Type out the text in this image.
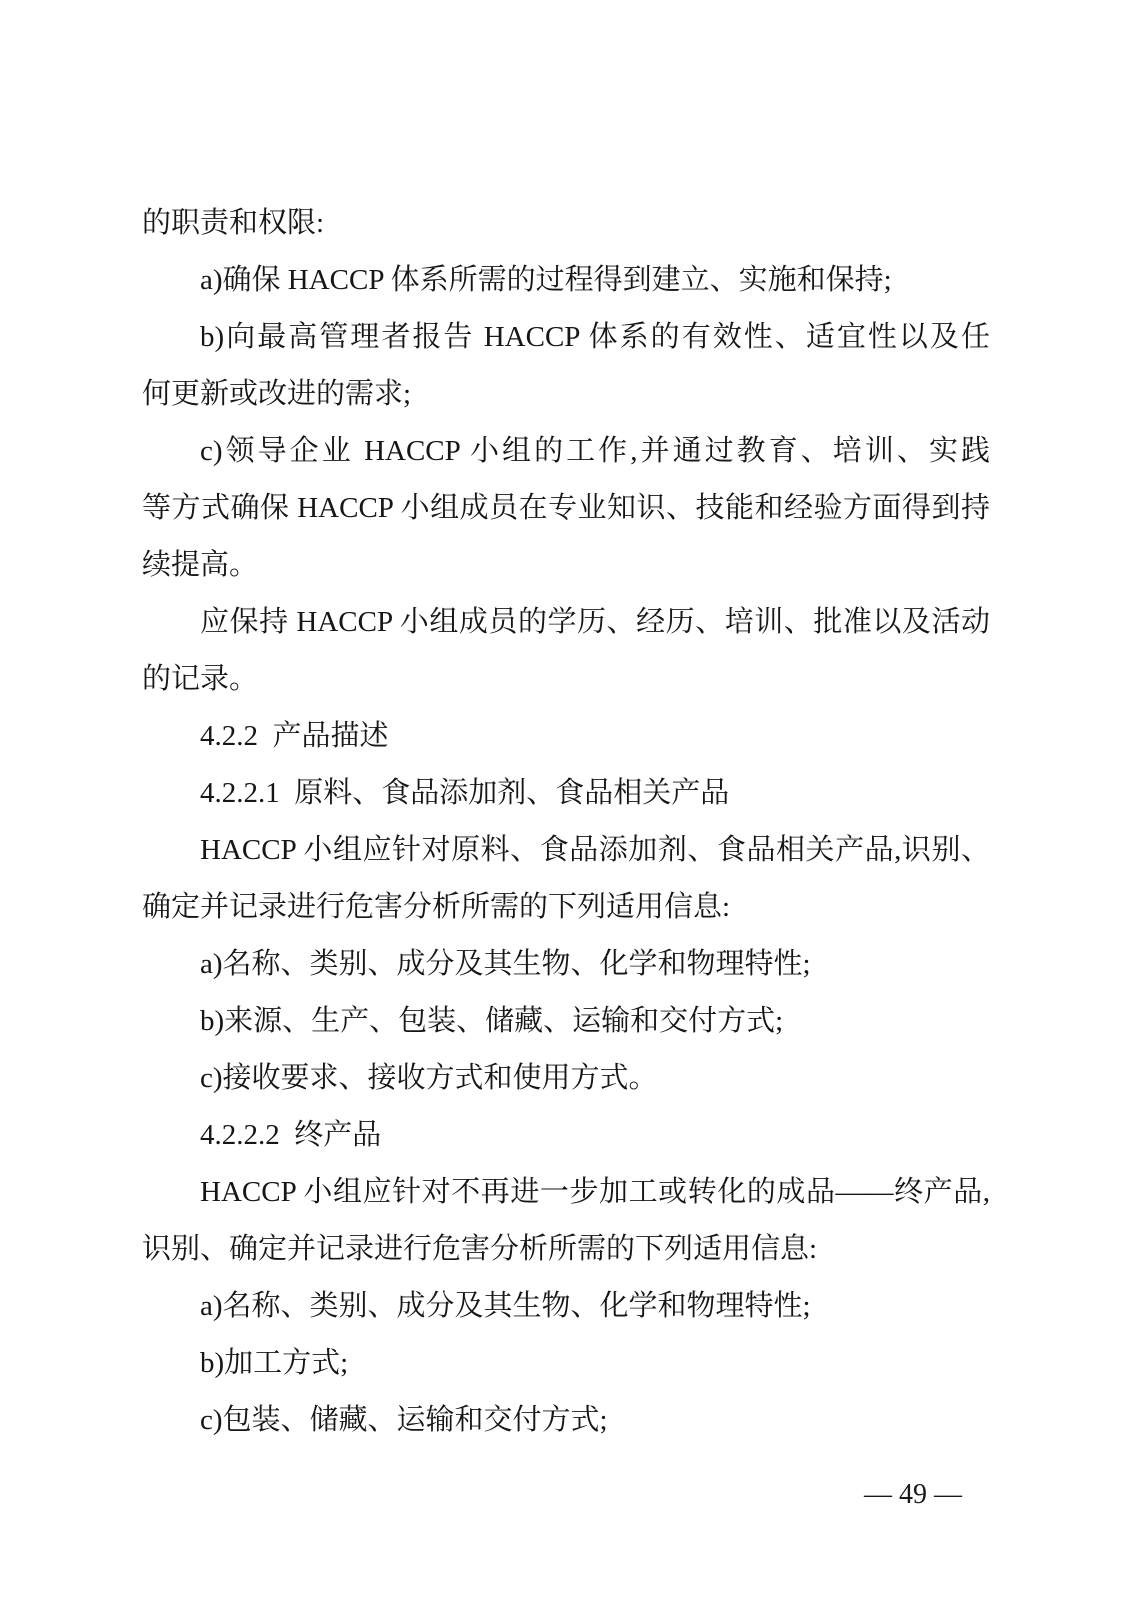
的职责和权限:
a)确保 HACCP 体系所需的过程得到建立、实施和保持;
b)向最高管理者报告 HACCP 体系的有效性、适宜性以及任
何更新或改进的需求;
c)领导企业 HACCP 小组的工作,并通过教育、培训、实践
等方式确保 HACCP 小组成员在专业知识、技能和经验方面得到持
续提高。
应保持 HACCP 小组成员的学历、经历、培训、批准以及活动
的记录。
4.2.2  产品描述
4.2.2.1  原料、食品添加剂、食品相关产品
HACCP 小组应针对原料、食品添加剂、食品相关产品,识别、
确定并记录进行危害分析所需的下列适用信息:
a)名称、类别、成分及其生物、化学和物理特性;
b)来源、生产、包装、储藏、运输和交付方式;
c)接收要求、接收方式和使用方式。
4.2.2.2  终产品
HACCP 小组应针对不再进一步加工或转化的成品——终产品,
识别、确定并记录进行危害分析所需的下列适用信息:
a)名称、类别、成分及其生物、化学和物理特性;
b)加工方式;
c)包装、储藏、运输和交付方式;

— 49 —
